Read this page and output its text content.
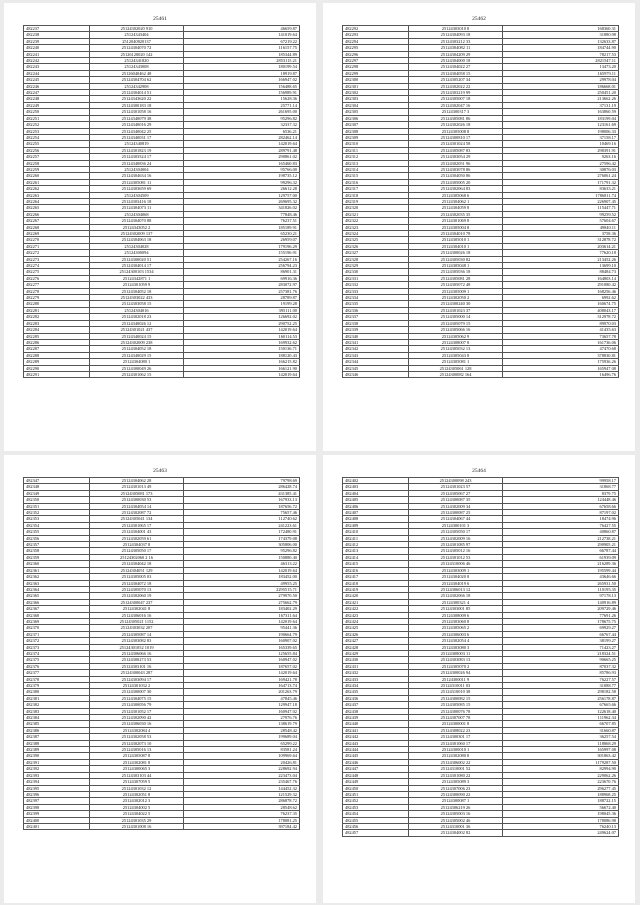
25461
482237	25124302020 910	46659.87
482238	25124343404	141019.64
482239	2512040820137	67219.22
482240	25124304070 72	116157.75
482241	25126120020 142	185344.89
482242	25124341820	2853115.21
482243	25124343008	180199.54
482244	25126040462 48	18919.87
482245	25124304704 62	166947.02
482246	25124342908	156488.65
482247	25124304014 51	156989.91
482248	25124343620 22	15628.36
482249	25124300183 18	25771.14
482250	25124301058 16	261695.00
482251	25124340079 38	95296.82
482252	25124340016 29	32337.32
482253	25124340042 25	6536.21
482254	25124340031 17	282462.14
482255	25124340819	142019.64
482256	25124301823 19	289791.48
482257	25124303524 17	290861.02
482258	25124340836 24	165460.83
482259	25124304004	95766.00
482260	25124304634 16	198735.12
482261	25124305081 11	99296.32
482262	25124303659 69	26612.28
482263	25124304509	129757.00
482264	25124303416 18	269695.32
482265	25124304073 11	341826.02
482266	25124304068	77848.46
482267	25124304070 88	76237.51
482268	25124343052 2	185189.91
482269	25124302009 137	65230.21
482270	25124304063 18	26959.07
482271	25124304028	179196.29
482272	25124300094	155196.91
482273	25124300020 51	254267.16
482274	25124304014 17	256794.23
482275	25124300103 1534	86901.31
482276	25124342871 1	69916.36
482277	25124301059 9	283072.97
482278	25124304052 18	257381.76
482279	25124303022 433	28789.87
482280	25124303058 15	19199.28
482281	25124304016	395111.00
482282	25124302018 23	126692.02
482283	25124340026 12	290752.25
482284	25124301021 437	142019.64
482285	25124340024 15	160114.53
482286	25124302009 238	169932.62
482287	25124304052 18	150136.71
482288	25124340029 15	188120.43
482289	25124304080 1	166215.82
482290	25124300049 26	166121.90
482291	25124301062 15	142019.64
25462
482292	25124303010 8	168360.31
482293	25124304093 18	31880.98
482294	25124303212 33	132633.87
482295	25124304082 11	184744.90
482296	25124304209 29	78217.53
482297	25124304000 18	2821547.11
482298	25124304022 27	13473.20
482299	25124304058 15	165979.11
482300	25124305207 34	29978.04
482301	25124302022 22	186668.01
482302	25124303219 99	250451.20
482303	25124305007 18	213662.26
482304	25124302047 16	37131.19
482305	25124300317 3	163860.59
482306	25124305081 86	183199.04
482307	25124302026 18	123161.69
482308	25124305008 8	198006.33
482309	25124300810 17	37158.17
482310	25124301024 58	10469.16
482311	25124305087 83	298391.91
482312	25124303054 29	9263.16
482313	25124302051 96	27596.42
482314	25124303078 86	30876.03
482315	25124304050 86	276061.24
482316	25124305005 20	171791.32
482317	25124302064 83	83633.21
482318	25124305068 6	1786811.74
482319	25124304062 1	226907.45
482320	25124304059 8	115447.71
482321	25124302035 35	99259.52
482322	25124301069 8	57604.67
482323	25124305004 8	49840.11
482324	25124304010 78	3758.36
482325	25124305010 1	312878.72
482326	25124304010 1	203614.21
482327	25124300026 18	77620.18
482328	25124305030 82	213452.26
482329	25124305048 1	13699.10
482330	25124305036 18	88484.73
482331	25124305081 28	164803.14
482332	25124305072 48	291080.42
482333	25124305009 1	168256.46
482334	25124302050 2	6992.62
482335	25124300240 30	160674.75
482336	25124301023 37	408043.17
482337	25124305000 14	312978.72
482338	25124305079 15	89970.03
482339	25124305066 16	41435.63
482340	25124305062 9	73657.78
482341	25124308007 8	161736.06
482342	25124305032 13	47470.68
482343	25124305043 8	378830.81
482344	25124305081 1	175936.26
482345	25124305061 128	165947.08
482346	25124300082 164	16496.76
25463
482347	25124304062 28	79798.69
482348	25124301013 49	286428.74
482349	25124305081 173	431385.41
482350	25124300030 53	167933.13
482351	25124304054 14	187656.72
482352	25124302087 72	75657.46
482353	25124305041 134	112740.62
482354	25124301065 17	241223.61
482355	25124304001 43	172480.91
482356	25124302059 61	174379.08
482357	25124304037 8	305806.00
482358	25124305050 17	95296.82
482359	25124302060 2 16	150880.40
482360	25124304042 18	46313.22
482361	25124304051 129	142019.64
482362	25124305005 03	183452.00
482363	25124304072 18	49955.25
482364	25124305070 13	2295515.71
482365	25124302060 19	279970.50
482366	25124300047 237	275662.79
482367	25124302041 8	183402.29
482368	25124306016 16	167311.64
482369	25124305021 1152	142019.64
482370	25124303032 207	95441.36
482371	25124305087 14	190664.79
482372	25124303082 83	160907.02
482373	25124301052 1019	165339.65
482374	25124306066 16	125655.84
482375	25124300273 53	160947.02
482376	25124303101 16	187657.02
482377	25124300043 287	142019.64
482378	25124303094 17	169421.78
482379	25124301032 2	164713.74
482380	25124300007 30	201263.79
482381	25124304075 15	47845.46
482382	25124300056 79	129947.18
482383	25124301052 17	160947.02
482384	25124302090 42	27976.76
482385	25124306030 16	138619.79
482386	25124302084 4	28548.42
482387	25124302058 53	199689.04
482388	25124302073 10	65299.22
482389	25124305016 13	83581.24
482390	25124305087 8	109969.64
482391	25124302081 8	20426.81
482392	25124300065 3	228692.94
482393	25124303103 44	223473.04
482394	25124307059 5	235467.76
482395	25124301032 12	144452.32
482396	25124302051 8	121529.32
482397	25124302012 3	286878.72
482398	25124304002 5	28548.62
482399	25124304022 5	76237.35
482400	25124301035 29	178081.25
482401	25124301008 16	397184.42
25464
482402	25124300098 243	99958.17
482403	25124301023 57	31868.77
482404	25124305067 27	8379.75
482405	25124300087 35	124448.46
482406	25124302009 34	67658.66
482407	25124300087 25	87197.02
482408	25124304067 44	18474.96
482409	25124300101 3	76427.55
482410	25124305050 17	40860.87
482411	25124302009 16	212738.21
482412	25124301085 97	290905.21
482413	25124305012 16	66787.44
482414	25124301012 53	61939.09
482415	25124310006 46	216289.36
482416	25124303009 1	195599.44
482417	25124304020 8	43646.66
482418	25124304019 6	265931.50
482419	25124306013 12	110195.35
482420	25124302066 18	97178.13
482421	25124300321 4	140916.89
482422	25124303001 85	209729.46
482423	25124308009 6	77691.26
482424	25124303060 8	178675.75
482425	25124305065 2	69929.27
482426	25124306003 6	66767.44
482427	25124302054 4	38199.27
482428	25124303080 3	71423.27
482429	25124308003 11	218324.51
482430	25124303083 13	90665.25
482431	25124305070 2	87037.32
482432	25124300026 94	85786.93
482433	25124300011 9	76227.57
482434	25124310011 03	31088.77
482435	25124310010 38	298182.58
482436	25124300082 15	256178.87
482437	25124305085 15	67665.66
482438	25124300076 78	122618.40
482439	25124307007 78	111962.34
482440	25124300001 8	66707.85
482441	25124308022 23	31660.87
482442	25124300301 17	36257.54
482443	25124301060 17	118868.29
482444	25124300010 1	165997.08
482445	25124302080 8	301863.42
482446	25124306002 22	1179287.50
482447	25124310001 52	82994.90
482448	25124301080 22	229062.26
482449	25124305089 3	223670.76
482450	25124307006 23	296277.45
482451	25124300090 22	188968.25
482452	25124300087 1	188722.15
482453	25124306219 26	56672.40
482454	25124305003 16	198045.36
482455	25124305002 46	178086.98
482456	25124310001 36	76240.13
482457	25124304002 82	249624.07
